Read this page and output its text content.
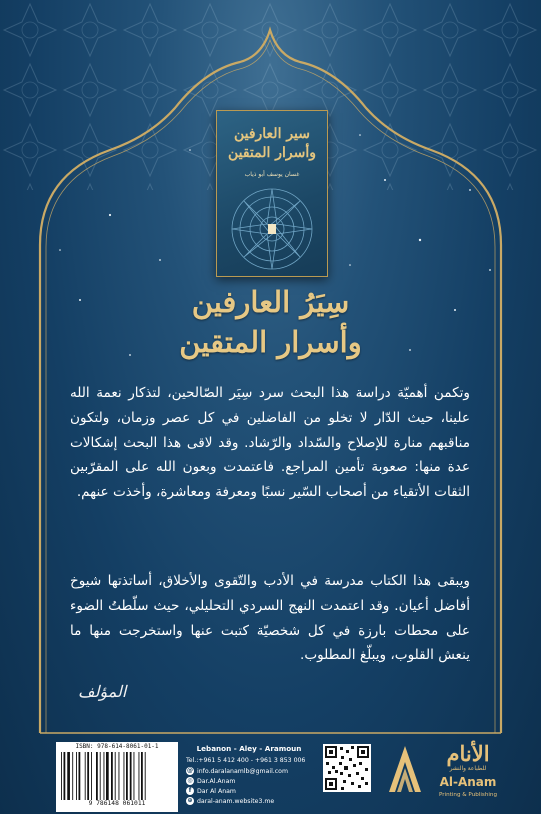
سير العارفين
وأسرار المتقين
غسان يوسف أبو ذياب
سِيَرُ العارفين
وأسرار المتقين
وتكمن أهميّة دراسة هذا البحث سرد سِيَر الصّالحين، لتذكار نعمة الله علينا، حيث الدّار لا تخلو من الفاضلين في كل عصر وزمان، ولتكون مناقبهم منارة للإصلاح والسّداد والرّشاد. وقد لاقى هذا البحث إشكالات عدة منها: صعوبة تأمين المراجع. فاعتمدت وبعون الله على المقرّبين الثقات الأتقياء من أصحاب السّير نسبًا ومعرفة ومعاشرة، وأخذت عنهم.
ويبقى هذا الكتاب مدرسة في الأدب والتّقوى والأخلاق، أساتذتها شيوخ أفاضل أعيان. وقد اعتمدت النهج السردي التحليلي، حيث سلّطتُ الضوء على محطات بارزة في كل شخصيّة كتبت عنها واستخرجت منها ما ينعش القلوب، ويبلّغ المطلوب.
المؤلف
ISBN: 978-614-8061-01-1
9 786148 061011
Lebanon - Aley - Aramoun
Tel.:+961 5 412 400 - +961 3 853 006
@ info.daralanamlb@gmail.com
◎ Dar.Al.Anam
f Dar Al Anam
⊕ daral-anam.website3.me
الأنام
للطباعة والنشر
Al-Anam
Printing & Publishing
